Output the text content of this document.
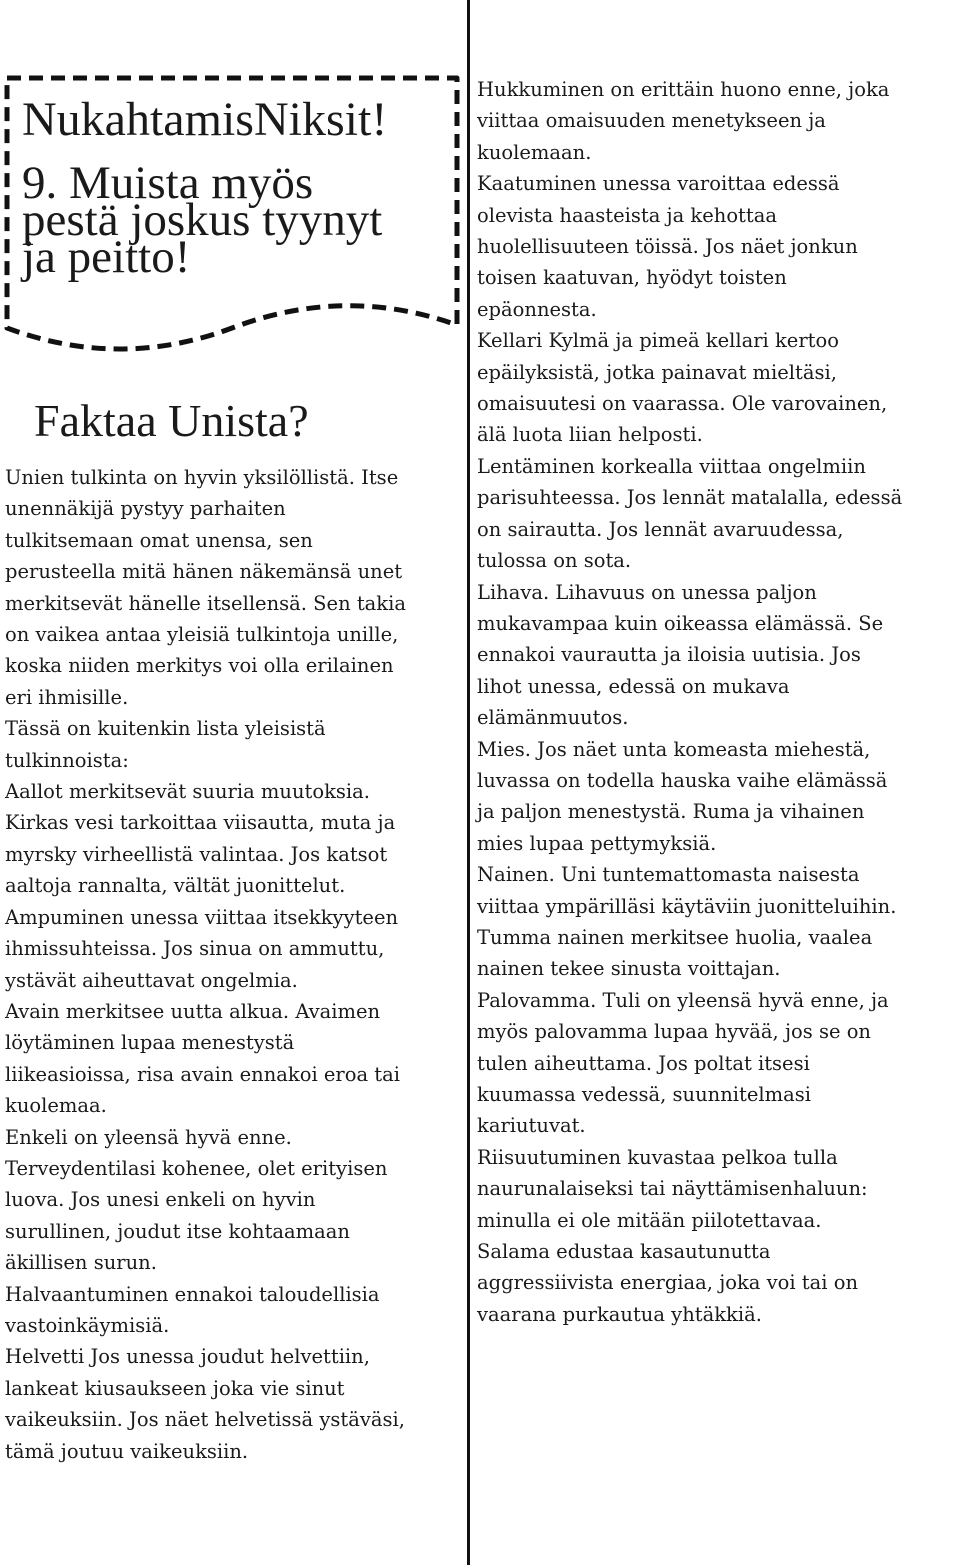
NukahtamisNiksit!
9. Muista myös
pestä joskus tyynyt
ja peitto!
Faktaa Unista?

Unien tulkinta on hyvin yksilöllistä. Itse

unennäkijä pystyy parhaiten

tulkitsemaan omat unensa, sen

perusteella mitä hänen näkemänsä unet

merkitsevät hänelle itsellensä. Sen takia

on vaikea antaa yleisiä tulkintoja unille,

koska niiden merkitys voi olla erilainen

eri ihmisille.

Tässä on kuitenkin lista yleisistä

tulkinnoista:

Aallot merkitsevät suuria muutoksia.

Kirkas vesi tarkoittaa viisautta, muta ja

myrsky virheellistä valintaa. Jos katsot

aaltoja rannalta, vältät juonittelut.

Ampuminen unessa viittaa itsekkyyteen

ihmissuhteissa. Jos sinua on ammuttu,

ystävät aiheuttavat ongelmia.

Avain merkitsee uutta alkua. Avaimen

löytäminen lupaa menestystä

liikeasioissa, risa avain ennakoi eroa tai

kuolemaa.

Enkeli on yleensä hyvä enne.

Terveydentilasi kohenee, olet erityisen

luova. Jos unesi enkeli on hyvin

surullinen, joudut itse kohtaamaan

äkillisen surun.

Halvaantuminen ennakoi taloudellisia

vastoinkäymisiä.

Helvetti Jos unessa joudut helvettiin,

lankeat kiusaukseen joka vie sinut

vaikeuksiin. Jos näet helvetissä ystäväsi,

tämä joutuu vaikeuksiin.

Hukkuminen on erittäin huono enne, joka

viittaa omaisuuden menetykseen ja

kuolemaan.

Kaatuminen unessa varoittaa edessä

olevista haasteista ja kehottaa

huolellisuuteen töissä. Jos näet jonkun

toisen kaatuvan, hyödyt toisten

epäonnesta.

Kellari Kylmä ja pimeä kellari kertoo

epäilyksistä, jotka painavat mieltäsi,

omaisuutesi on vaarassa. Ole varovainen,

älä luota liian helposti.

Lentäminen korkealla viittaa ongelmiin

parisuhteessa. Jos lennät matalalla, edessä

on sairautta. Jos lennät avaruudessa,

tulossa on sota.

Lihava. Lihavuus on unessa paljon

mukavampaa kuin oikeassa elämässä. Se

ennakoi vaurautta ja iloisia uutisia. Jos

lihot unessa, edessä on mukava

elämänmuutos.

Mies. Jos näet unta komeasta miehestä,

luvassa on todella hauska vaihe elämässä

ja paljon menestystä. Ruma ja vihainen

mies lupaa pettymyksiä.

Nainen. Uni tuntemattomasta naisesta

viittaa ympärilläsi käytäviin juonitteluihin.

Tumma nainen merkitsee huolia, vaalea

nainen tekee sinusta voittajan.

Palovamma. Tuli on yleensä hyvä enne, ja

myös palovamma lupaa hyvää, jos se on

tulen aiheuttama. Jos poltat itsesi

kuumassa vedessä, suunnitelmasi

kariutuvat.

Riisuutuminen kuvastaa pelkoa tulla

naurunalaiseksi tai näyttämisenhaluun:

minulla ei ole mitään piilotettavaa.

Salama edustaa kasautunutta

aggressiivista energiaa, joka voi tai on

vaarana purkautua yhtäkkiä.
